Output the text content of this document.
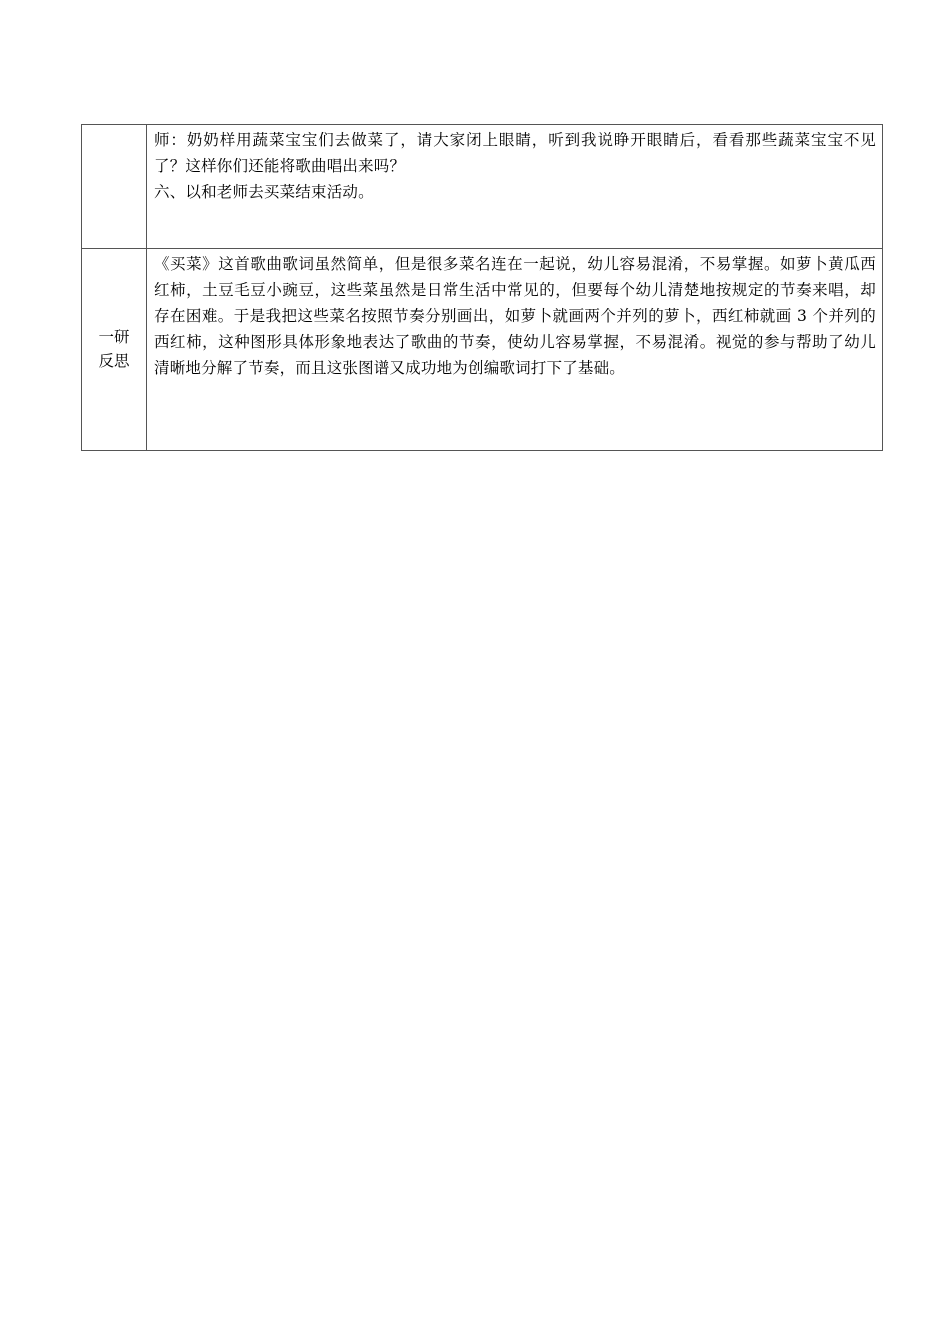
	师：奶奶样用蔬菜宝宝们去做菜了，请大家闭上眼睛，听到我说睁开眼睛后，看看那些蔬菜宝宝不见了？这样你们还能将歌曲唱出来吗？

六、以和老师去买菜结束活动。

一研
反思	《买菜》这首歌曲歌词虽然简单，但是很多菜名连在一起说，幼儿容易混淆，不易掌握。如萝卜黄瓜西红柿，土豆毛豆小豌豆，这些菜虽然是日常生活中常见的，但要每个幼儿清楚地按规定的节奏来唱，却存在困难。于是我把这些菜名按照节奏分别画出，如萝卜就画两个并列的萝卜，西红柿就画 3 个并列的西红柿，这种图形具体形象地表达了歌曲的节奏，使幼儿容易掌握，不易混淆。视觉的参与帮助了幼儿清晰地分解了节奏，而且这张图谱又成功地为创编歌词打下了基础。
